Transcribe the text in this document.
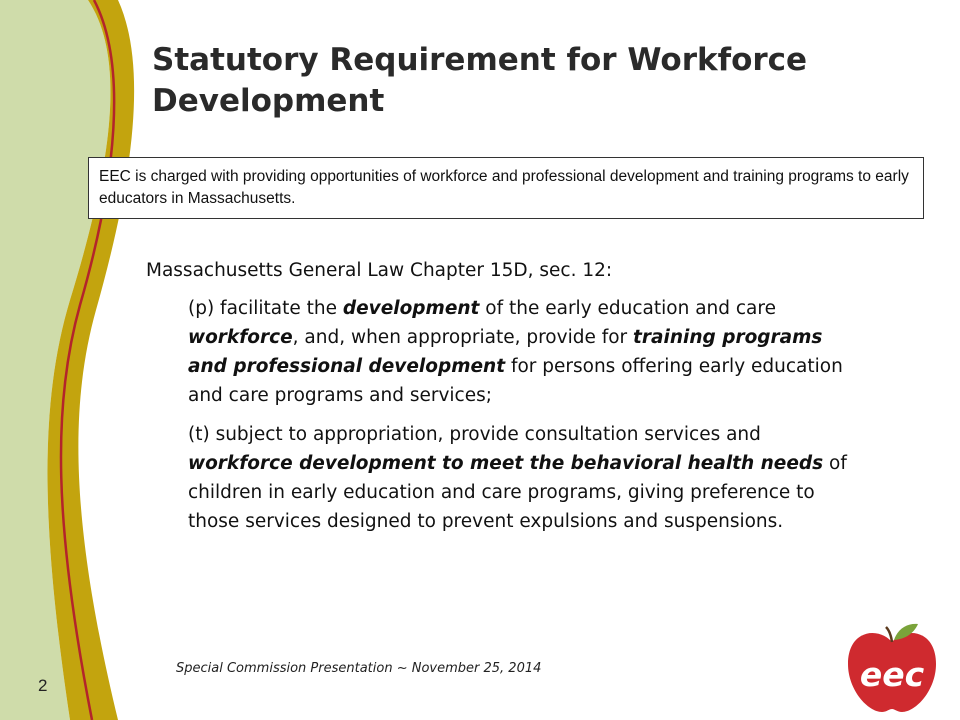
Statutory Requirement for Workforce Development
EEC is charged with providing opportunities of workforce and professional development and training programs to early educators in Massachusetts.

Massachusetts General Law Chapter 15D, sec. 12:

(p) facilitate the development of the early education and care workforce, and, when appropriate, provide for training programs and professional development for persons offering early education and care programs and services;

(t) subject to appropriation, provide consultation services and workforce development to meet the behavioral health needs of children in early education and care programs, giving preference to those services designed to prevent expulsions and suspensions.

Special Commission Presentation ~ November 25, 2014

2	eec
